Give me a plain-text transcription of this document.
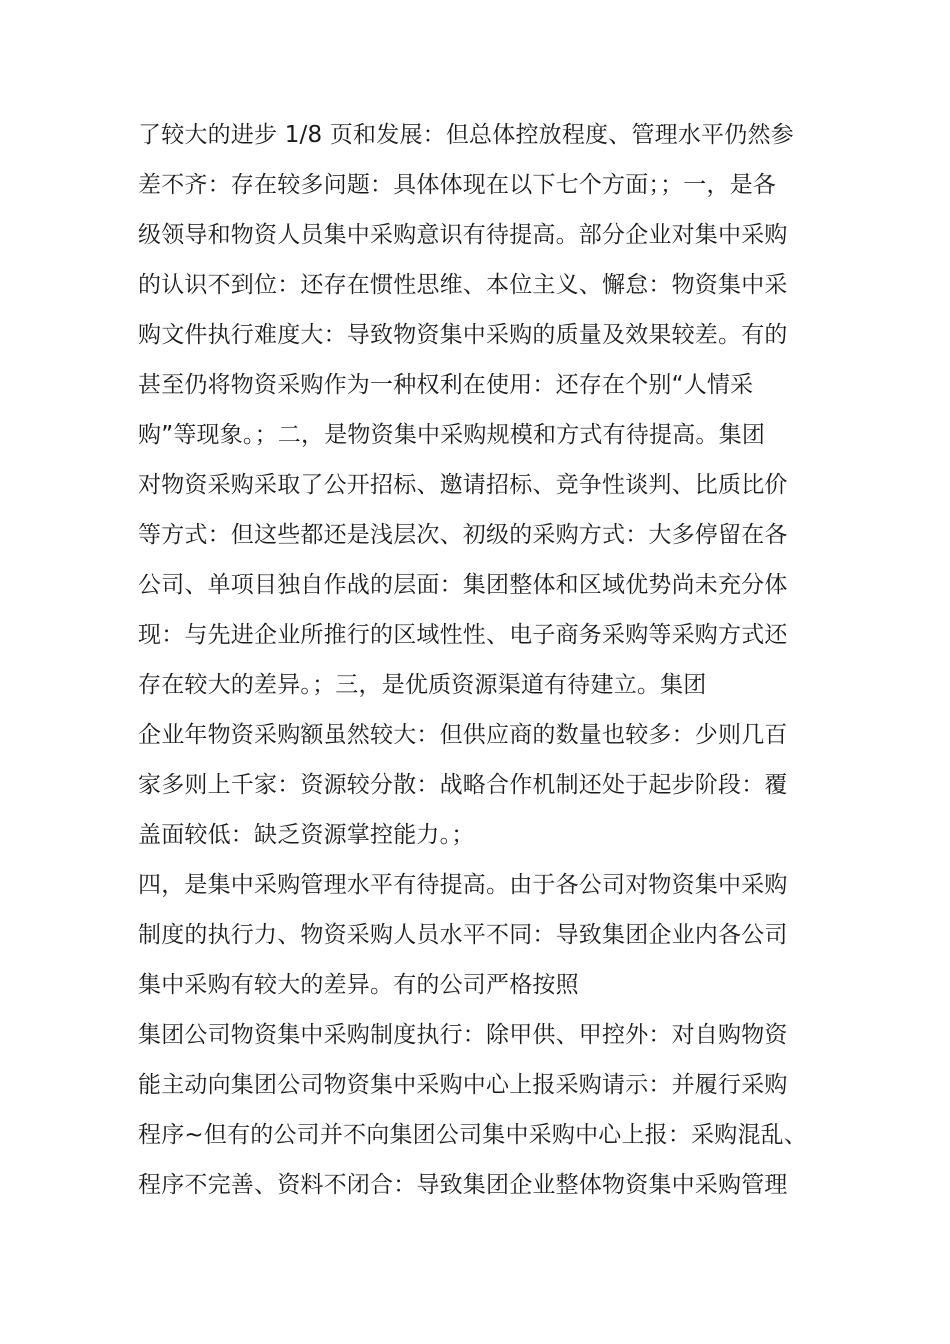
了较大的进步 1/8 页和发展：但总体控放程度、管理水平仍然参
差不齐：存在较多问题：具体体现在以下七个方面；；一，是各
级领导和物资人员集中采购意识有待提高。部分企业对集中采购
的认识不到位：还存在惯性思维、本位主义、懈怠：物资集中采
购文件执行难度大：导致物资集中采购的质量及效果较差。有的
甚至仍将物资采购作为一种权利在使用：还存在个别“人情采
购”等现象。；二，是物资集中采购规模和方式有待提高。集团
对物资采购采取了公开招标、邀请招标、竞争性谈判、比质比价
等方式：但这些都还是浅层次、初级的采购方式：大多停留在各
公司、单项目独自作战的层面：集团整体和区域优势尚未充分体
现：与先进企业所推行的区域性性、电子商务采购等采购方式还
存在较大的差异。；三，是优质资源渠道有待建立。集团
企业年物资采购额虽然较大：但供应商的数量也较多：少则几百
家多则上千家：资源较分散：战略合作机制还处于起步阶段：覆
盖面较低：缺乏资源掌控能力。；
四，是集中采购管理水平有待提高。由于各公司对物资集中采购
制度的执行力、物资采购人员水平不同：导致集团企业内各公司
集中采购有较大的差异。有的公司严格按照
集团公司物资集中采购制度执行：除甲供、甲控外：对自购物资
能主动向集团公司物资集中采购中心上报采购请示：并履行采购
程序~但有的公司并不向集团公司集中采购中心上报：采购混乱、
程序不完善、资料不闭合：导致集团企业整体物资集中采购管理
